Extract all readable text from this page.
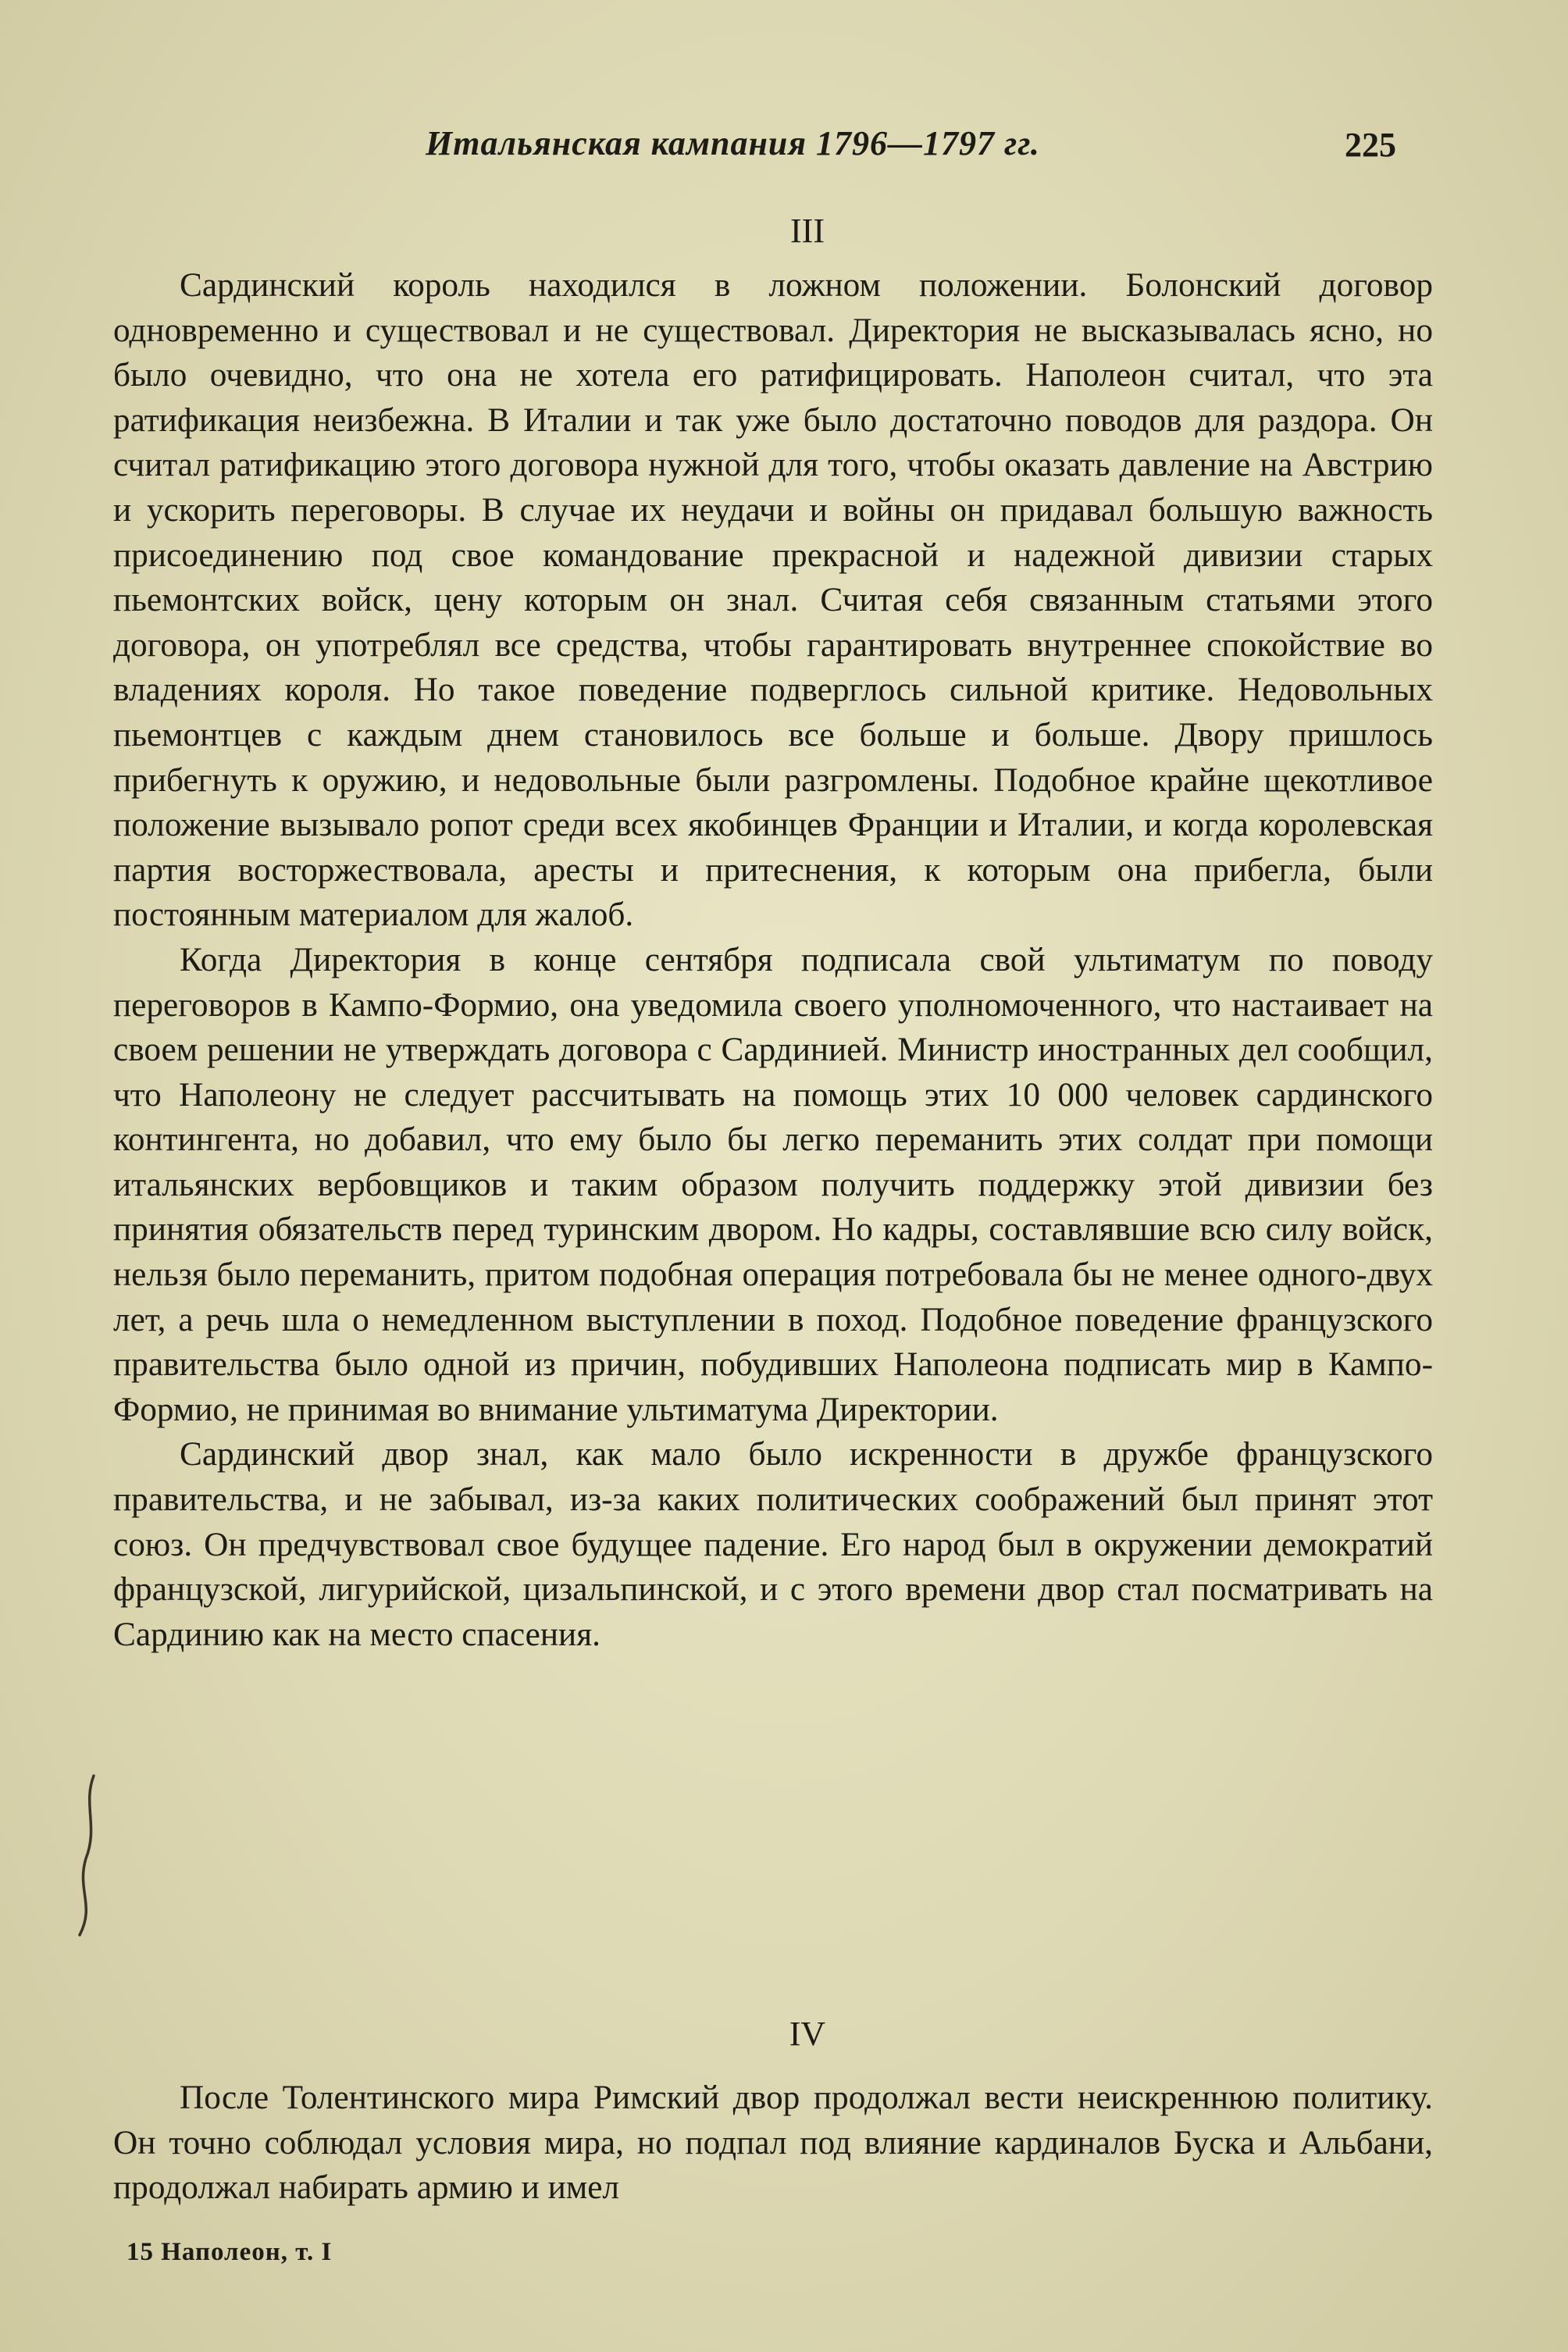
Итальянская кампания 1796—1797 гг.	225
III

Сардинский король находился в ложном положении. Болонский договор одновременно и существовал и не существовал. Директория не высказывалась ясно, но было очевидно, что она не хотела его ратифицировать. Наполеон считал, что эта ратификация неизбежна. В Италии и так уже было достаточно поводов для раздора. Он считал ратификацию этого договора нужной для того, чтобы оказать давление на Австрию и ускорить переговоры. В случае их неудачи и войны он придавал большую важность присоединению под свое командование прекрасной и надежной дивизии старых пьемонтских войск, цену которым он знал. Считая себя связанным статьями этого договора, он употреблял все средства, чтобы гарантировать внутреннее спокойствие во владениях короля. Но такое поведение подверглось сильной критике. Недовольных пьемонтцев с каждым днем становилось все больше и больше. Двору пришлось прибегнуть к оружию, и недовольные были разгромлены. Подобное крайне щекотливое положение вызывало ропот среди всех якобинцев Франции и Италии, и когда королевская партия восторжествовала, аресты и притеснения, к которым она прибегла, были постоянным материалом для жалоб.

Когда Директория в конце сентября подписала свой ультиматум по поводу переговоров в Кампо-Формио, она уведомила своего уполномоченного, что настаивает на своем решении не утверждать договора с Сардинией. Министр иностранных дел сообщил, что Наполеону не следует рассчитывать на помощь этих 10 000 человек сардинского контингента, но добавил, что ему было бы легко переманить этих солдат при помощи итальянских вербовщиков и таким образом получить поддержку этой дивизии без принятия обязательств перед туринским двором. Но кадры, составлявшие всю силу войск, нельзя было переманить, притом подобная операция потребовала бы не менее одного-двух лет, а речь шла о немедленном выступлении в поход. Подобное поведение французского правительства было одной из причин, побудивших Наполеона подписать мир в Кампо-Формио, не принимая во внимание ультиматума Директории.

Сардинский двор знал, как мало было искренности в дружбе французского правительства, и не забывал, из-за каких политических соображений был принят этот союз. Он предчувствовал свое будущее падение. Его народ был в окружении демократий французской, лигурийской, цизальпинской, и с этого времени двор стал посматривать на Сардинию как на место спасения.

IV

После Толентинского мира Римский двор продолжал вести неискреннюю политику. Он точно соблюдал условия мира, но подпал под влияние кардиналов Буска и Альбани, продолжал набирать армию и имел

15 Наполеон, т. I
